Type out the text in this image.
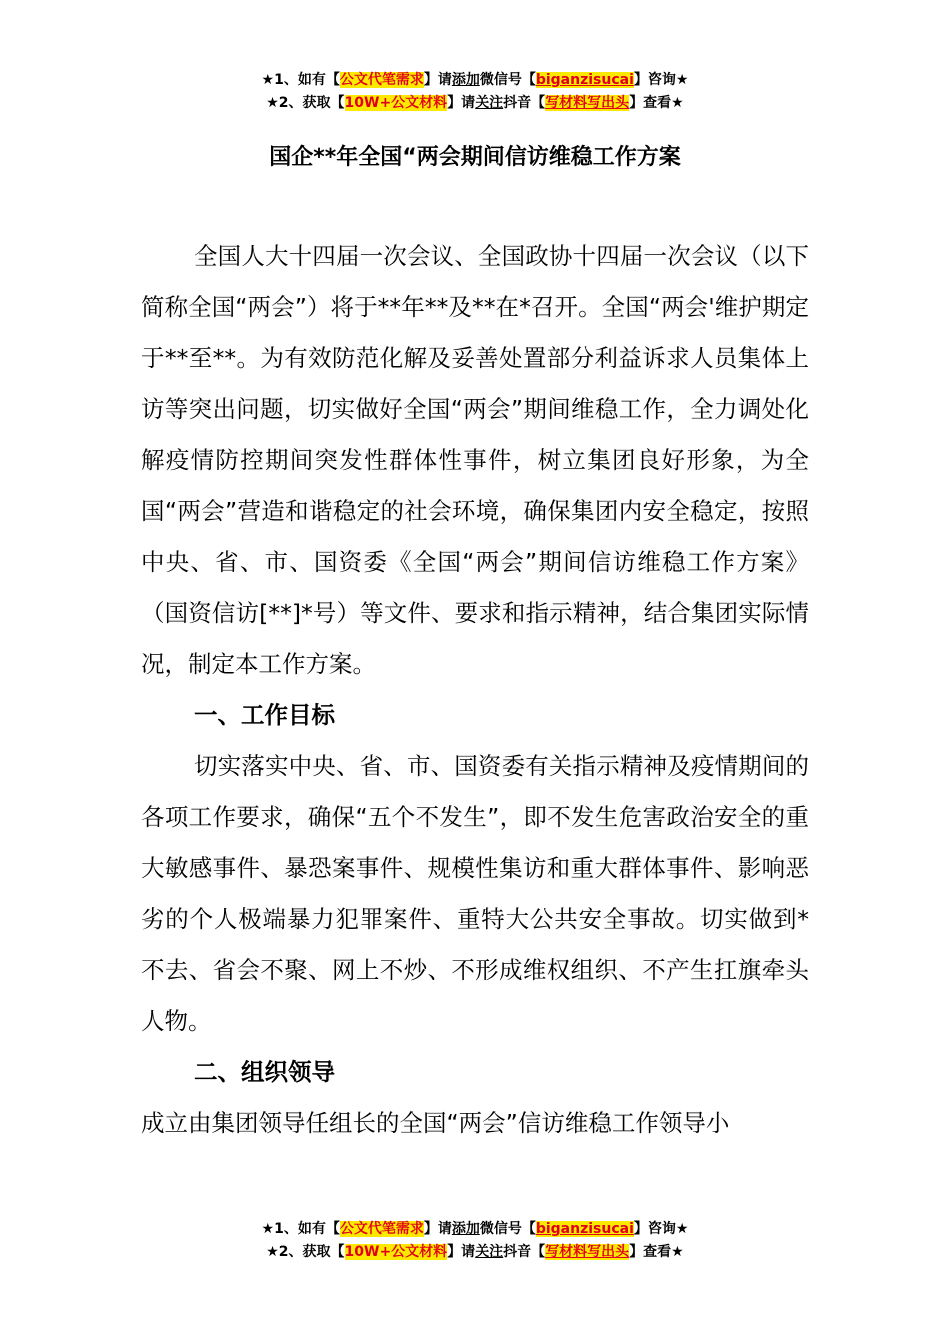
★1、如有【公文代笔需求】请添加微信号【biganzisucai】咨询★
★2、获取【10W+公文材料】请关注抖音【写材料写出头】查看★
国企**年全国“两会期间信访维稳工作方案

全国人大十四届一次会议、全国政协十四届一次会议（以下简称全国“两会”）将于**年**及**在*召开。全国“两会'维护期定于**至**。为有效防范化解及妥善处置部分利益诉求人员集体上访等突出问题，切实做好全国“两会”期间维稳工作，全力调处化解疫情防控期间突发性群体性事件，树立集团良好形象，为全国“两会”营造和谐稳定的社会环境，确保集团内安全稳定，按照中央、省、市、国资委《全国“两会”期间信访维稳工作方案》（国资信访[**]*号）等文件、要求和指示精神，结合集团实际情况，制定本工作方案。

一、工作目标

切实落实中央、省、市、国资委有关指示精神及疫情期间的各项工作要求，确保“五个不发生”，即不发生危害政治安全的重大敏感事件、暴恐案事件、规模性集访和重大群体事件、影响恶劣的个人极端暴力犯罪案件、重特大公共安全事故。切实做到*不去、省会不聚、网上不炒、不形成维权组织、不产生扛旗牵头人物。

二、组织领导

成立由集团领导任组长的全国“两会”信访维稳工作领导小

★1、如有【公文代笔需求】请添加微信号【biganzisucai】咨询★
★2、获取【10W+公文材料】请关注抖音【写材料写出头】查看★
